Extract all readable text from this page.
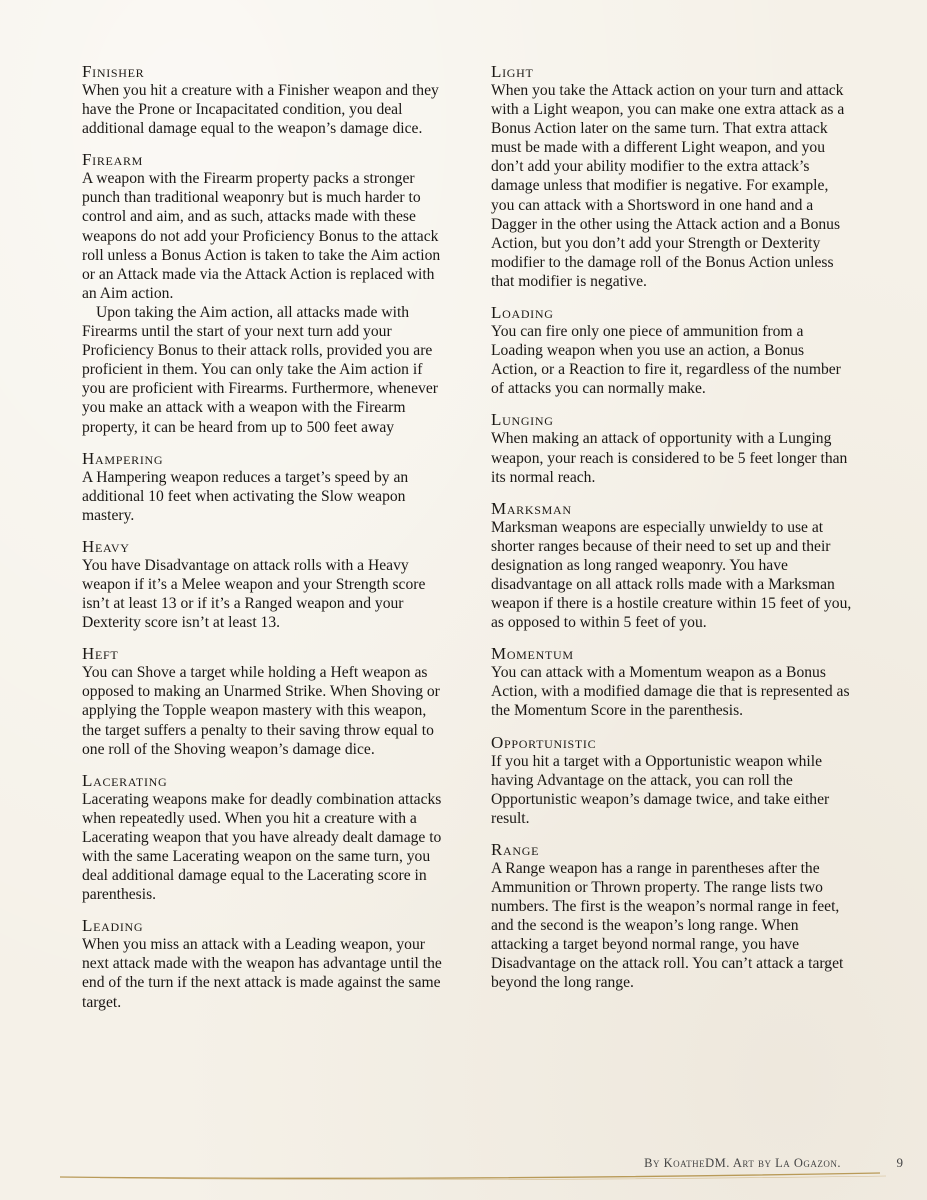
Finisher

When you hit a creature with a Finisher weapon and they have the Prone or Incapacitated condition, you deal additional damage equal to the weapon’s damage dice.

Firearm

A weapon with the Firearm property packs a stronger punch than traditional weaponry but is much harder to control and aim, and as such, attacks made with these weapons do not add your Proficiency Bonus to the attack roll unless a Bonus Action is taken to take the Aim action or an Attack made via the Attack Action is replaced with an Aim action.

Upon taking the Aim action, all attacks made with Firearms until the start of your next turn add your Proficiency Bonus to their attack rolls, provided you are proficient in them. You can only take the Aim action if you are proficient with Firearms. Furthermore, whenever you make an attack with a weapon with the Firearm property, it can be heard from up to 500 feet away

Hampering

A Hampering weapon reduces a target’s speed by an additional 10 feet when activating the Slow weapon mastery.

Heavy

You have Disadvantage on attack rolls with a Heavy weapon if it’s a Melee weapon and your Strength score isn’t at least 13 or if it’s a Ranged weapon and your Dexterity score isn’t at least 13.

Heft

You can Shove a target while holding a Heft weapon as opposed to making an Unarmed Strike. When Shoving or applying the Topple weapon mastery with this weapon, the target suffers a penalty to their saving throw equal to one roll of the Shoving weapon’s damage dice.

Lacerating

Lacerating weapons make for deadly combination attacks when repeatedly used. When you hit a creature with a Lacerating weapon that you have already dealt damage to with the same Lacerating weapon on the same turn, you deal additional damage equal to the Lacerating score in parenthesis.

Leading

When you miss an attack with a Leading weapon, your next attack made with the weapon has advantage until the end of the turn if the next attack is made against the same target.

Light

When you take the Attack action on your turn and attack with a Light weapon, you can make one extra attack as a Bonus Action later on the same turn. That extra attack must be made with a different Light weapon, and you don’t add your ability modifier to the extra attack’s damage unless that modifier is negative. For example, you can attack with a Shortsword in one hand and a Dagger in the other using the Attack action and a Bonus Action, but you don’t add your Strength or Dexterity modifier to the damage roll of the Bonus Action unless that modifier is negative.

Loading

You can fire only one piece of ammunition from a Loading weapon when you use an action, a Bonus Action, or a Reaction to fire it, regardless of the number of attacks you can normally make.

Lunging

When making an attack of opportunity with a Lunging weapon, your reach is considered to be 5 feet longer than its normal reach.

Marksman

Marksman weapons are especially unwieldy to use at shorter ranges because of their need to set up and their designation as long ranged weaponry. You have disadvantage on all attack rolls made with a Marksman weapon if there is a hostile creature within 15 feet of you, as opposed to within 5 feet of you.

Momentum

You can attack with a Momentum weapon as a Bonus Action, with a modified damage die that is represented as the Momentum Score in the parenthesis.

Opportunistic

If you hit a target with a Opportunistic weapon while having Advantage on the attack, you can roll the Opportunistic weapon’s damage twice, and take either result.

Range

A Range weapon has a range in parentheses after the Ammunition or Thrown property. The range lists two numbers. The first is the weapon’s normal range in feet, and the second is the weapon’s long range. When attacking a target beyond normal range, you have Disadvantage on the attack roll. You can’t attack a target beyond the long range.

By KoatheDM. Art by La Ogazon.	9
